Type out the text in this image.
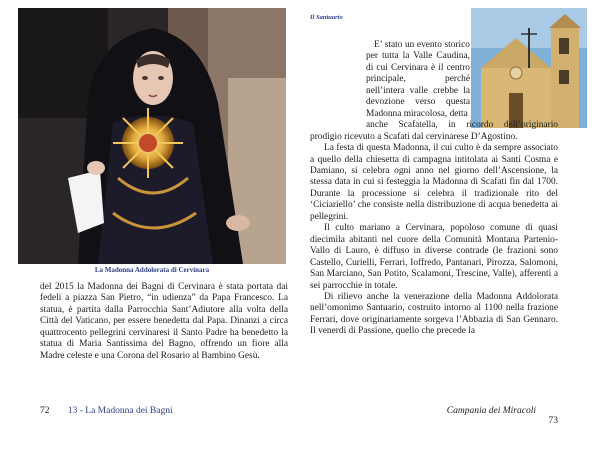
La Madonna Addolorata di Cervinara
del 2015 la Madonna dei Bagni di Cervinara è stata portata dai fedeli a piazza San Pietro, “in udienza” da Papa Francesco. La statua, è partita dalla Parrocchia Sant’Adiutore alla volta della Città del Vaticano, per essere benedetta dal Papa. Dinanzi a circa quattrocento pellegrini cervinaresi il Santo Padre ha benedetto la statua di Maria Santissima del Bagno, offrendo un fiore alla Madre celeste e una Corona del Rosario al Bambino Gesù.
72 13 - La Madonna dei Bagni
Il Santuario

E’ stato un evento storico per tutta la Valle Caudina, di cui Cervinara è il centro principale, perché nell’intera valle crebbe la devozione verso questa Madonna miracolosa, detta

anche Scafatella, in ricordo dell’originario prodigio ricevuto a Scafati dal cervinarese D’Agostino.

La festa di questa Madonna, il cui culto è da sempre associato a quello della chiesetta di campagna intitolata ai Santi Cosma e Damiano, si celebra ogni anno nel giorno dell’Ascensione, la stessa data in cui si festeggia la Madonna di Scafati fin dal 1700. Durante la processione si celebra il tradizionale rito del ‘Ciciariello’ che consiste nella distribuzione di acqua benedetta ai pellegrini.

Il culto mariano a Cervinara, popoloso comune di quasi diecimila abitanti nel cuore della Comunità Montana Partenio-Vallo di Lauro, è diffuso in diverse contrade (le frazioni sono Castello, Curielli, Ferrari, Ioffredo, Pantanari, Pirozza, Salomoni, San Marciano, San Potito, Scalamoni, Trescine, Valle), afferenti a sei parrocchie in totale.

Di rilievo anche la venerazione della Madonna Addolorata nell’omonimo Santuario, costruito intorno al 1100 nella frazione Ferrari, dove originariamente sorgeva l’Abbazia di San Gennaro. Il venerdì di Passione, quello che precede la

Campania dei Miracoli 73
